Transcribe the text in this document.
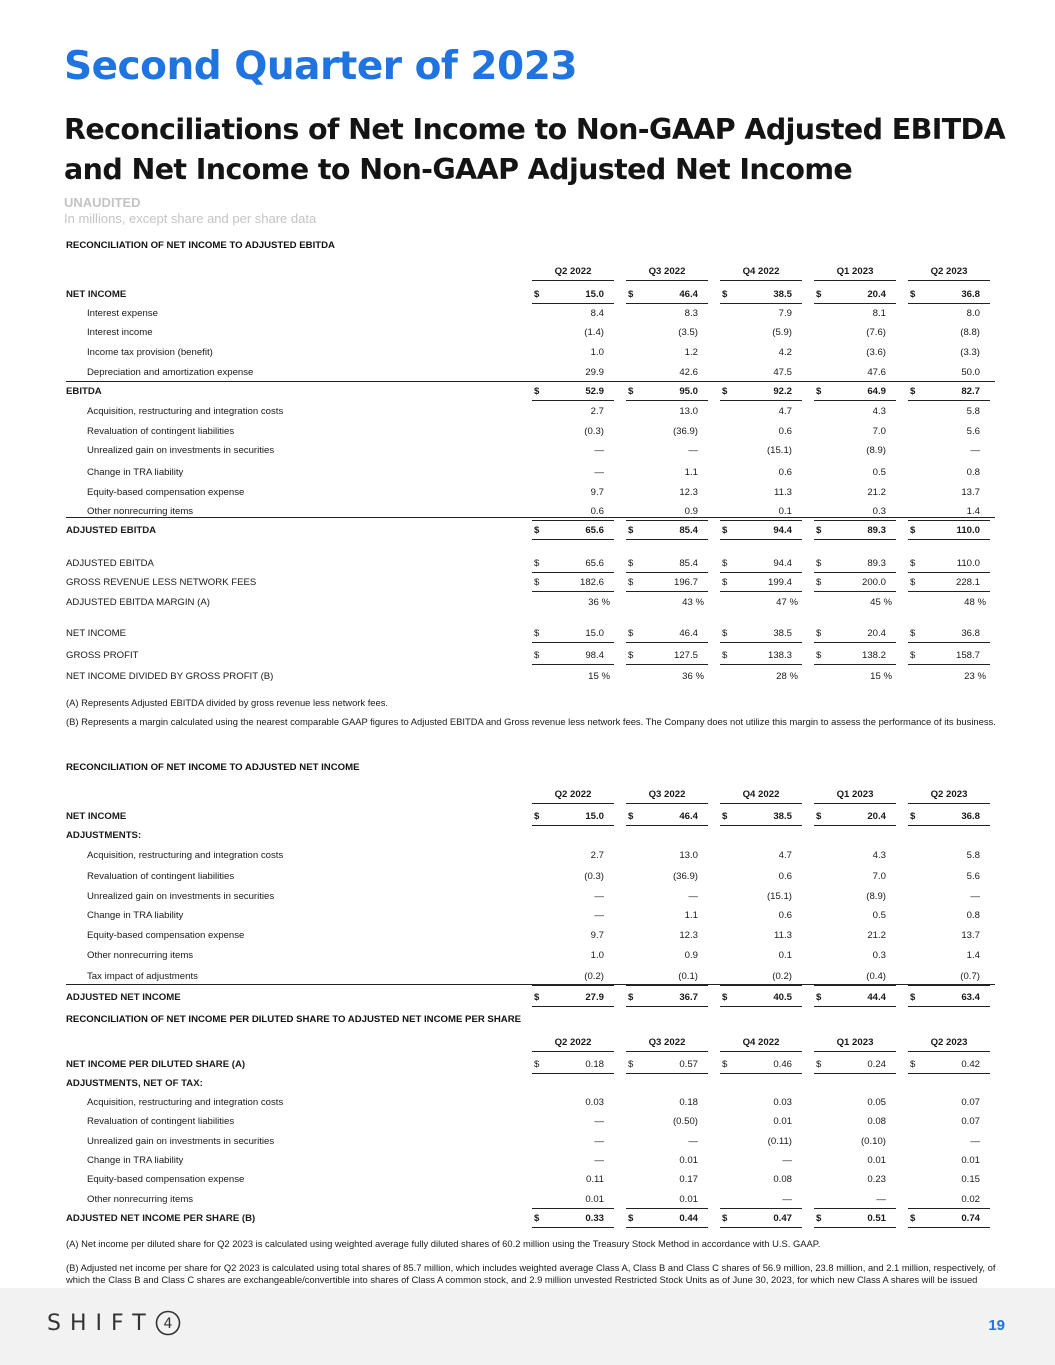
Second Quarter of 2023
Reconciliations of Net Income to Non-GAAP Adjusted EBITDA and Net Income to Non-GAAP Adjusted Net Income
UNAUDITED
In millions, except share and per share data
RECONCILIATION OF NET INCOME TO ADJUSTED EBITDA
Q2 2022	Q3 2022	Q4 2022	Q1 2023	Q2 2023
NET INCOME	$	15.0	$	46.4	$	38.5	$	20.4	$	36.8
Interest expense	8.4	8.3	7.9	8.1	8.0
Interest income	(1.4)	(3.5)	(5.9)	(7.6)	(8.8)
Income tax provision (benefit)	1.0	1.2	4.2	(3.6)	(3.3)
Depreciation and amortization expense	29.9	42.6	47.5	47.6	50.0
EBITDA	$	52.9	$	95.0	$	92.2	$	64.9	$	82.7
Acquisition, restructuring and integration costs	2.7	13.0	4.7	4.3	5.8
Revaluation of contingent liabilities	(0.3)	(36.9)	0.6	7.0	5.6
Unrealized gain on investments in securities	—	—	(15.1)	(8.9)	—
Change in TRA liability	—	1.1	0.6	0.5	0.8
Equity-based compensation expense	9.7	12.3	11.3	21.2	13.7
Other nonrecurring items	0.6	0.9	0.1	0.3	1.4
ADJUSTED EBITDA	$	65.6	$	85.4	$	94.4	$	89.3	$	110.0
ADJUSTED EBITDA	$	65.6	$	85.4	$	94.4	$	89.3	$	110.0
GROSS REVENUE LESS NETWORK FEES	$	182.6	$	196.7	$	199.4	$	200.0	$	228.1
ADJUSTED EBITDA MARGIN (A)	36 %	43 %	47 %	45 %	48 %
NET INCOME	$	15.0	$	46.4	$	38.5	$	20.4	$	36.8
GROSS PROFIT	$	98.4	$	127.5	$	138.3	$	138.2	$	158.7
NET INCOME DIVIDED BY GROSS PROFIT (B)	15 %	36 %	28 %	15 %	23 %
(A) Represents Adjusted EBITDA divided by gross revenue less network fees.
(B) Represents a margin calculated using the nearest comparable GAAP figures to Adjusted EBITDA and Gross revenue less network fees. The Company does not utilize this margin to assess the performance of its business.
RECONCILIATION OF NET INCOME TO ADJUSTED NET INCOME
Q2 2022	Q3 2022	Q4 2022	Q1 2023	Q2 2023
NET INCOME	$	15.0	$	46.4	$	38.5	$	20.4	$	36.8
ADJUSTMENTS:
Acquisition, restructuring and integration costs	2.7	13.0	4.7	4.3	5.8
Revaluation of contingent liabilities	(0.3)	(36.9)	0.6	7.0	5.6
Unrealized gain on investments in securities	—	—	(15.1)	(8.9)	—
Change in TRA liability	—	1.1	0.6	0.5	0.8
Equity-based compensation expense	9.7	12.3	11.3	21.2	13.7
Other nonrecurring items	1.0	0.9	0.1	0.3	1.4
Tax impact of adjustments	(0.2)	(0.1)	(0.2)	(0.4)	(0.7)
ADJUSTED NET INCOME	$	27.9	$	36.7	$	40.5	$	44.4	$	63.4
RECONCILIATION OF NET INCOME PER DILUTED SHARE TO ADJUSTED NET INCOME PER SHARE
Q2 2022	Q3 2022	Q4 2022	Q1 2023	Q2 2023
NET INCOME PER DILUTED SHARE (A)	$	0.18	$	0.57	$	0.46	$	0.24	$	0.42
ADJUSTMENTS, NET OF TAX:
Acquisition, restructuring and integration costs	0.03	0.18	0.03	0.05	0.07
Revaluation of contingent liabilities	—	(0.50)	0.01	0.08	0.07
Unrealized gain on investments in securities	—	—	(0.11)	(0.10)	—
Change in TRA liability	—	0.01	—	0.01	0.01
Equity-based compensation expense	0.11	0.17	0.08	0.23	0.15
Other nonrecurring items	0.01	0.01	—	—	0.02
ADJUSTED NET INCOME PER SHARE (B)	$	0.33	$	0.44	$	0.47	$	0.51	$	0.74
(A) Net income per diluted share for Q2 2023 is calculated using weighted average fully diluted shares of 60.2 million using the Treasury Stock Method in accordance with U.S. GAAP.
(B) Adjusted net income per share for Q2 2023 is calculated using total shares of 85.7 million, which includes weighted average Class A, Class B and Class C shares of 56.9 million, 23.8 million, and 2.1 million, respectively, of which the Class B and Class C shares are exchangeable/convertible into shares of Class A common stock, and 2.9 million unvested Restricted Stock Units as of June 30, 2023, for which new Class A shares will be issued
SHIFT 4	19
